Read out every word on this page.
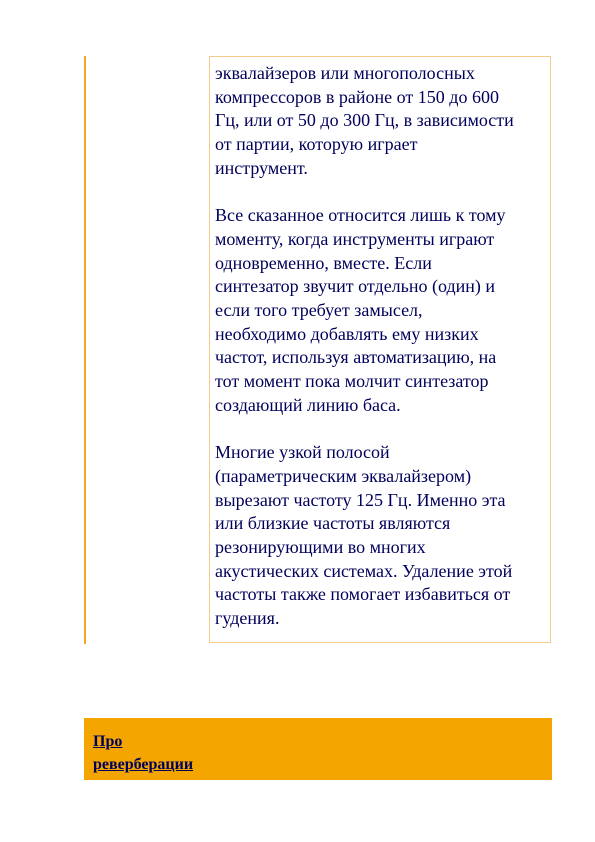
эквалайзеров или многополосных
компрессоров в районе от 150 до 600
Гц, или от 50 до 300 Гц, в зависимости
от партии, которую играет
инструмент.

Все сказанное относится лишь к тому
моменту, когда инструменты играют
одновременно, вместе. Если
синтезатор звучит отдельно (один) и
если того требует замысел,
необходимо добавлять ему низких
частот, используя автоматизацию, на
тот момент пока молчит синтезатор
создающий линию баса.

Многие узкой полосой
(параметрическим эквалайзером)
вырезают частоту 125 Гц. Именно эта
или близкие частоты являются
резонирующими во многих
акустических системах. Удаление этой
частоты также помогает избавиться от
гудения.

Про
реверберации
